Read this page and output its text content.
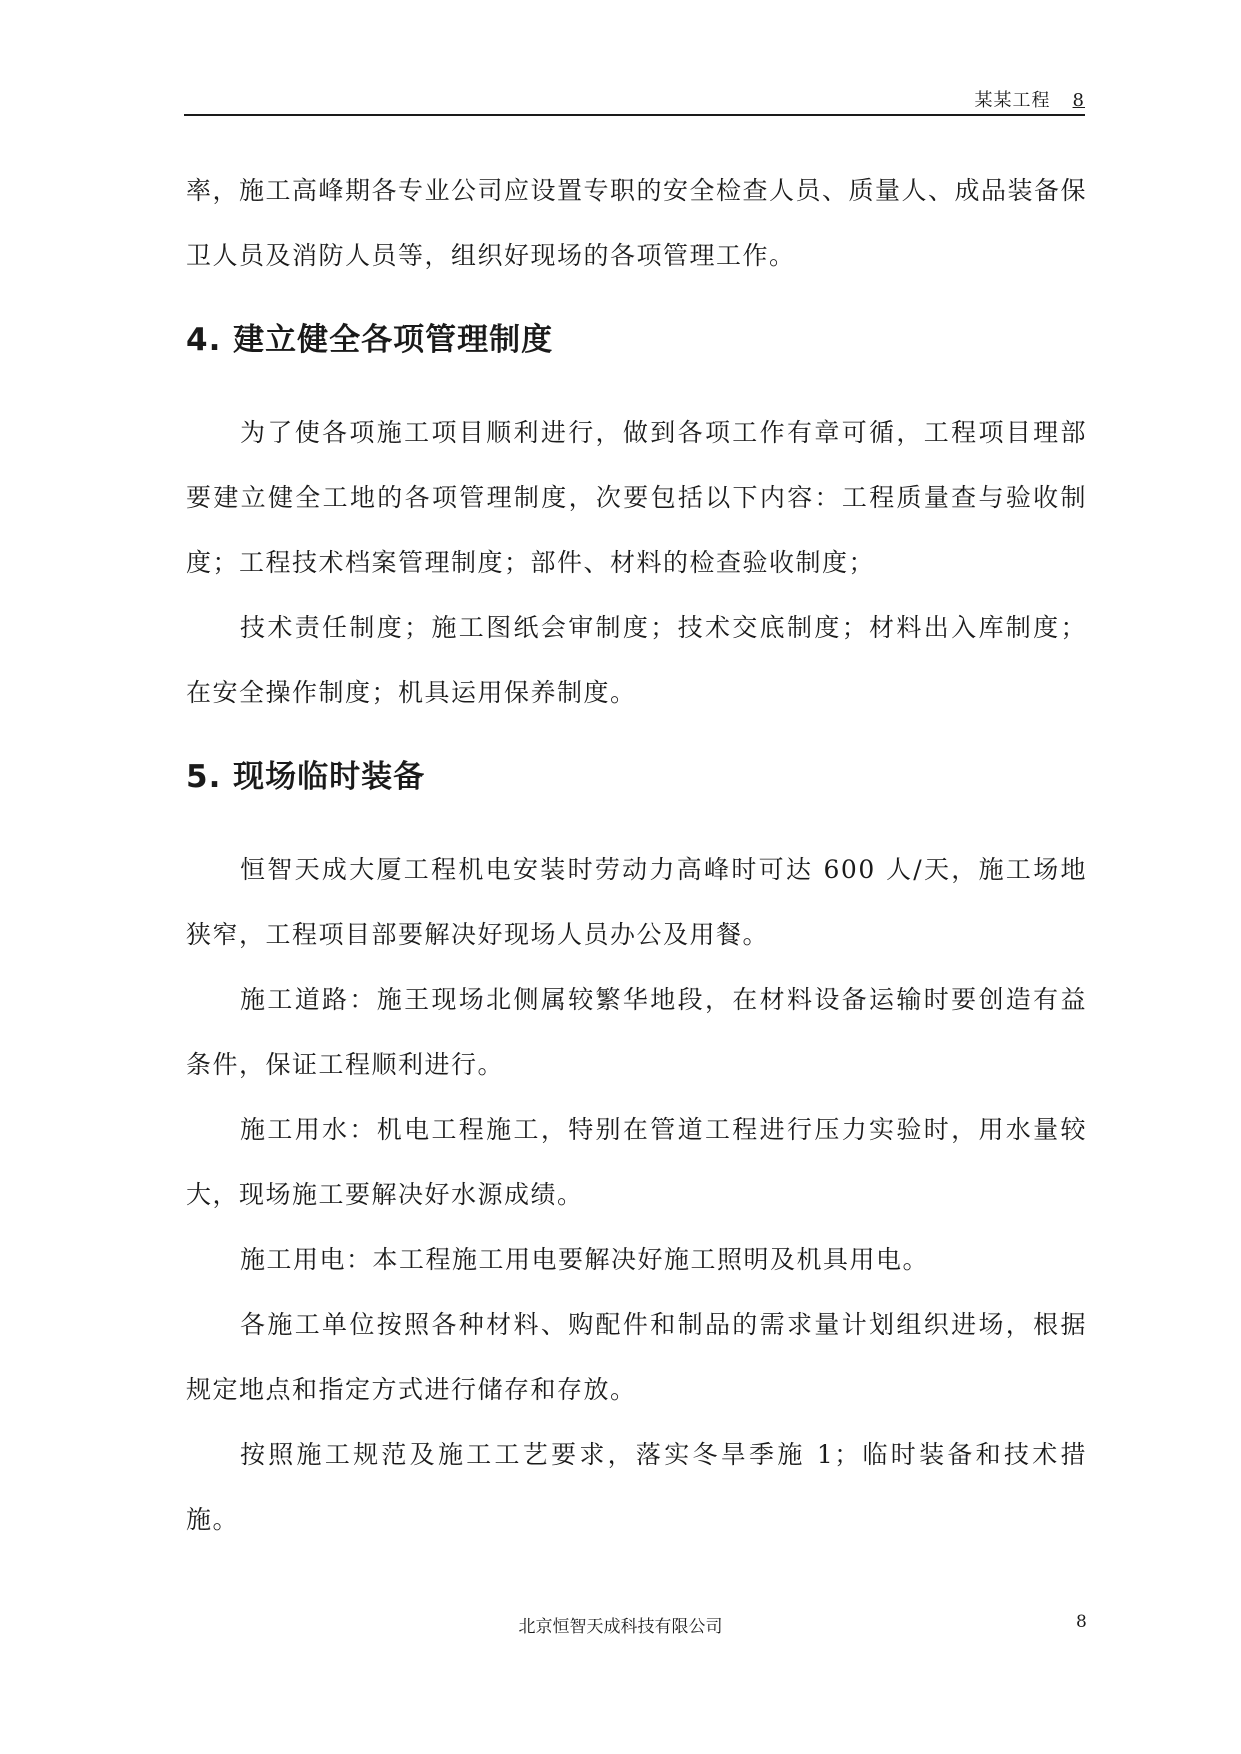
某某工程 8

率，施工高峰期各专业公司应设置专职的安全检查人员、质量人、成品装备保卫人员及消防人员等，组织好现场的各项管理工作。

4. 建立健全各项管理制度

为了使各项施工项目顺利进行，做到各项工作有章可循，工程项目理部要建立健全工地的各项管理制度，次要包括以下内容：工程质量查与验收制度；工程技术档案管理制度；部件、材料的检查验收制度；

技术责任制度；施工图纸会审制度；技术交底制度；材料出入库制度；在安全操作制度；机具运用保养制度。

5. 现场临时装备

恒智天成大厦工程机电安装时劳动力高峰时可达 600 人/天，施工场地狭窄，工程项目部要解决好现场人员办公及用餐。

施工道路：施王现场北侧属较繁华地段，在材料设备运输时要创造有益条件，保证工程顺利进行。

施工用水：机电工程施工，特别在管道工程进行压力实验时，用水量较大，现场施工要解决好水源成绩。

施工用电：本工程施工用电要解决好施工照明及机具用电。

各施工单位按照各种材料、购配件和制品的需求量计划组织进场，根据规定地点和指定方式进行储存和存放。

按照施工规范及施工工艺要求，落实冬旱季施 1；临时装备和技术措施。

北京恒智天成科技有限公司	8
